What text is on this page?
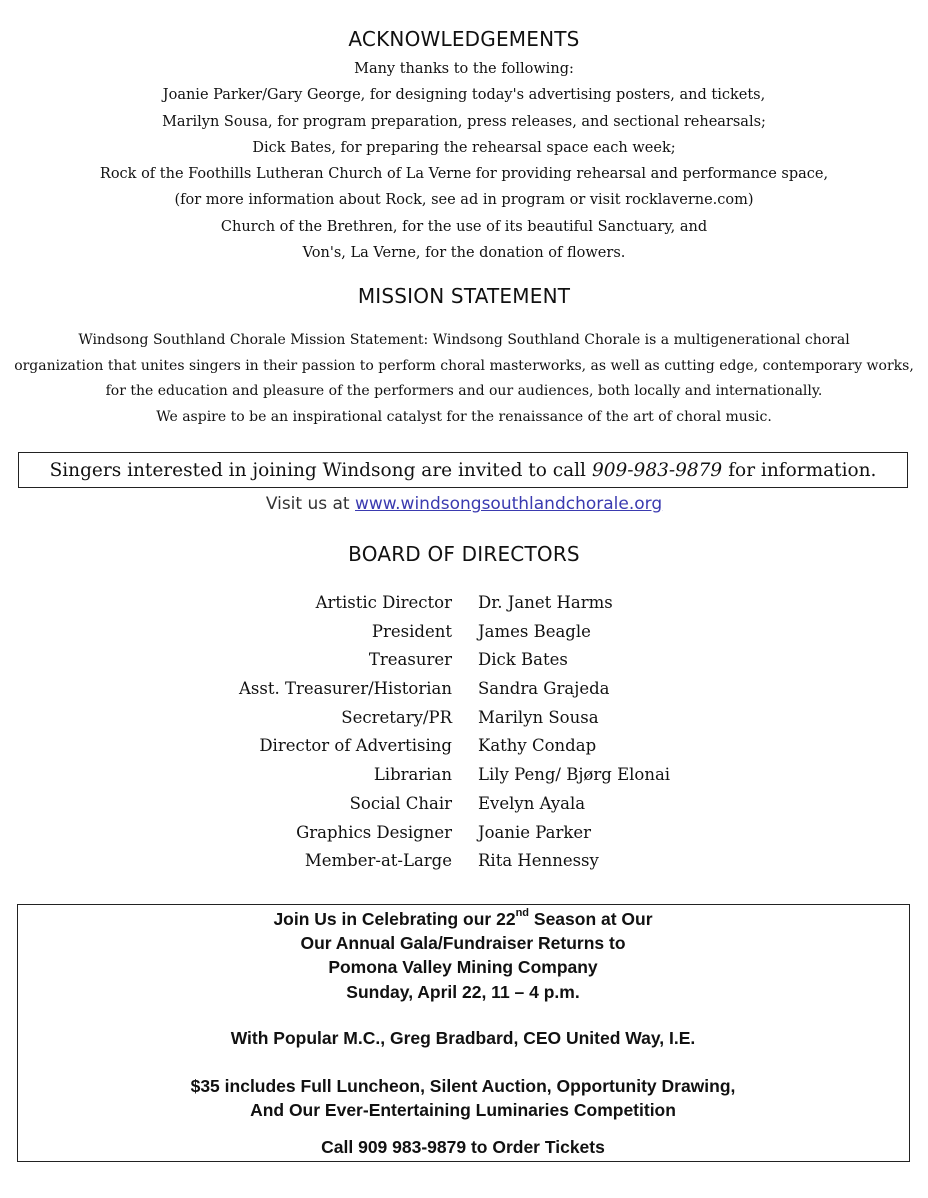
ACKNOWLEDGEMENTS
Many thanks to the following:
Joanie Parker/Gary George, for designing today's advertising posters, and tickets,
Marilyn Sousa, for program preparation, press releases, and sectional rehearsals;
Dick Bates, for preparing the rehearsal space each week;
Rock of the Foothills Lutheran Church of La Verne for providing rehearsal and performance space,
(for more information about Rock, see ad in program or visit rocklaverne.com)
Church of the Brethren, for the use of its beautiful Sanctuary, and
Von's, La Verne, for the donation of flowers.
MISSION STATEMENT
Windsong Southland Chorale Mission Statement: Windsong Southland Chorale is a multigenerational choral
organization that unites singers in their passion to perform choral masterworks, as well as cutting edge, contemporary works,
for the education and pleasure of the performers and our audiences, both locally and internationally.
We aspire to be an inspirational catalyst for the renaissance of the art of choral music.
Singers interested in joining Windsong are invited to call 909-983-9879 for information.
Visit us at www.windsongsouthlandchorale.org
BOARD OF DIRECTORS
Artistic Director Dr. Janet Harms
President James Beagle
Treasurer Dick Bates
Asst. Treasurer/Historian Sandra Grajeda
Secretary/PR Marilyn Sousa
Director of Advertising Kathy Condap
Librarian Lily Peng/ Bjørg Elonai
Social Chair Evelyn Ayala
Graphics Designer Joanie Parker
Member-at-Large Rita Hennessy
Join Us in Celebrating our 22nd Season at Our
Our Annual Gala/Fundraiser Returns to
Pomona Valley Mining Company
Sunday, April 22, 11 – 4 p.m.
With Popular M.C., Greg Bradbard, CEO United Way, I.E.
$35 includes Full Luncheon, Silent Auction, Opportunity Drawing,
And Our Ever-Entertaining Luminaries Competition
Call 909 983-9879 to Order Tickets
